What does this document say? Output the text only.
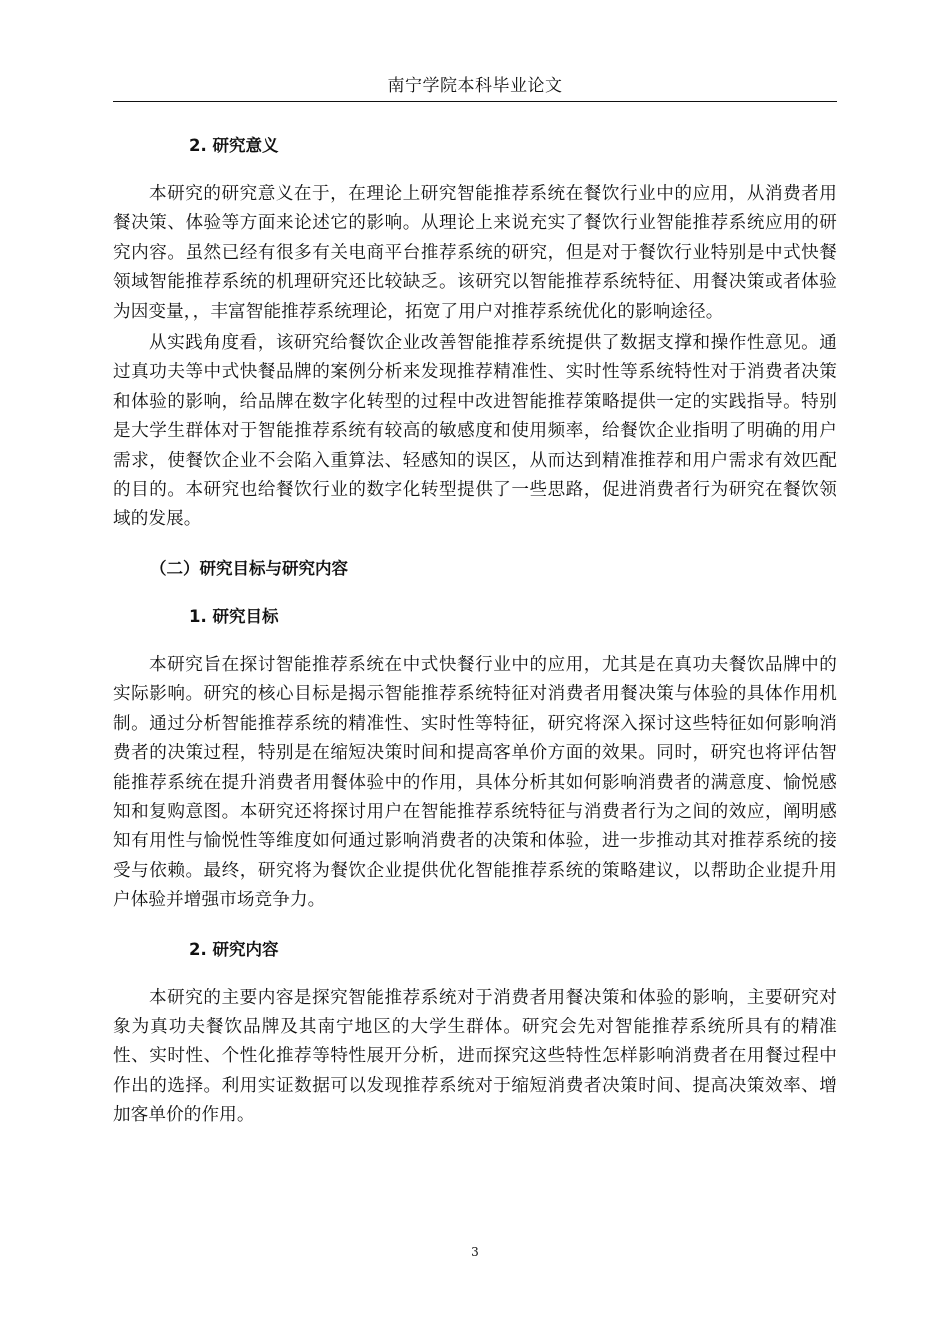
南宁学院本科毕业论文

2. 研究意义

本研究的研究意义在于，在理论上研究智能推荐系统在餐饮行业中的应用，从消费者用餐决策、体验等方面来论述它的影响。从理论上来说充实了餐饮行业智能推荐系统应用的研究内容。虽然已经有很多有关电商平台推荐系统的研究，但是对于餐饮行业特别是中式快餐领域智能推荐系统的机理研究还比较缺乏。该研究以智能推荐系统特征、用餐决策或者体验为因变量，，丰富智能推荐系统理论，拓宽了用户对推荐系统优化的影响途径。

从实践角度看，该研究给餐饮企业改善智能推荐系统提供了数据支撑和操作性意见。通过真功夫等中式快餐品牌的案例分析来发现推荐精准性、实时性等系统特性对于消费者决策和体验的影响，给品牌在数字化转型的过程中改进智能推荐策略提供一定的实践指导。特别是大学生群体对于智能推荐系统有较高的敏感度和使用频率，给餐饮企业指明了明确的用户需求，使餐饮企业不会陷入重算法、轻感知的误区，从而达到精准推荐和用户需求有效匹配的目的。本研究也给餐饮行业的数字化转型提供了一些思路，促进消费者行为研究在餐饮领域的发展。

（二）研究目标与研究内容

1. 研究目标

本研究旨在探讨智能推荐系统在中式快餐行业中的应用，尤其是在真功夫餐饮品牌中的实际影响。研究的核心目标是揭示智能推荐系统特征对消费者用餐决策与体验的具体作用机制。通过分析智能推荐系统的精准性、实时性等特征，研究将深入探讨这些特征如何影响消费者的决策过程，特别是在缩短决策时间和提高客单价方面的效果。同时，研究也将评估智能推荐系统在提升消费者用餐体验中的作用，具体分析其如何影响消费者的满意度、愉悦感知和复购意图。本研究还将探讨用户在智能推荐系统特征与消费者行为之间的效应，阐明感知有用性与愉悦性等维度如何通过影响消费者的决策和体验，进一步推动其对推荐系统的接受与依赖。最终，研究将为餐饮企业提供优化智能推荐系统的策略建议，以帮助企业提升用户体验并增强市场竞争力。

2. 研究内容

本研究的主要内容是探究智能推荐系统对于消费者用餐决策和体验的影响，主要研究对象为真功夫餐饮品牌及其南宁地区的大学生群体。研究会先对智能推荐系统所具有的精准性、实时性、个性化推荐等特性展开分析，进而探究这些特性怎样影响消费者在用餐过程中作出的选择。利用实证数据可以发现推荐系统对于缩短消费者决策时间、提高决策效率、增加客单价的作用。

3
